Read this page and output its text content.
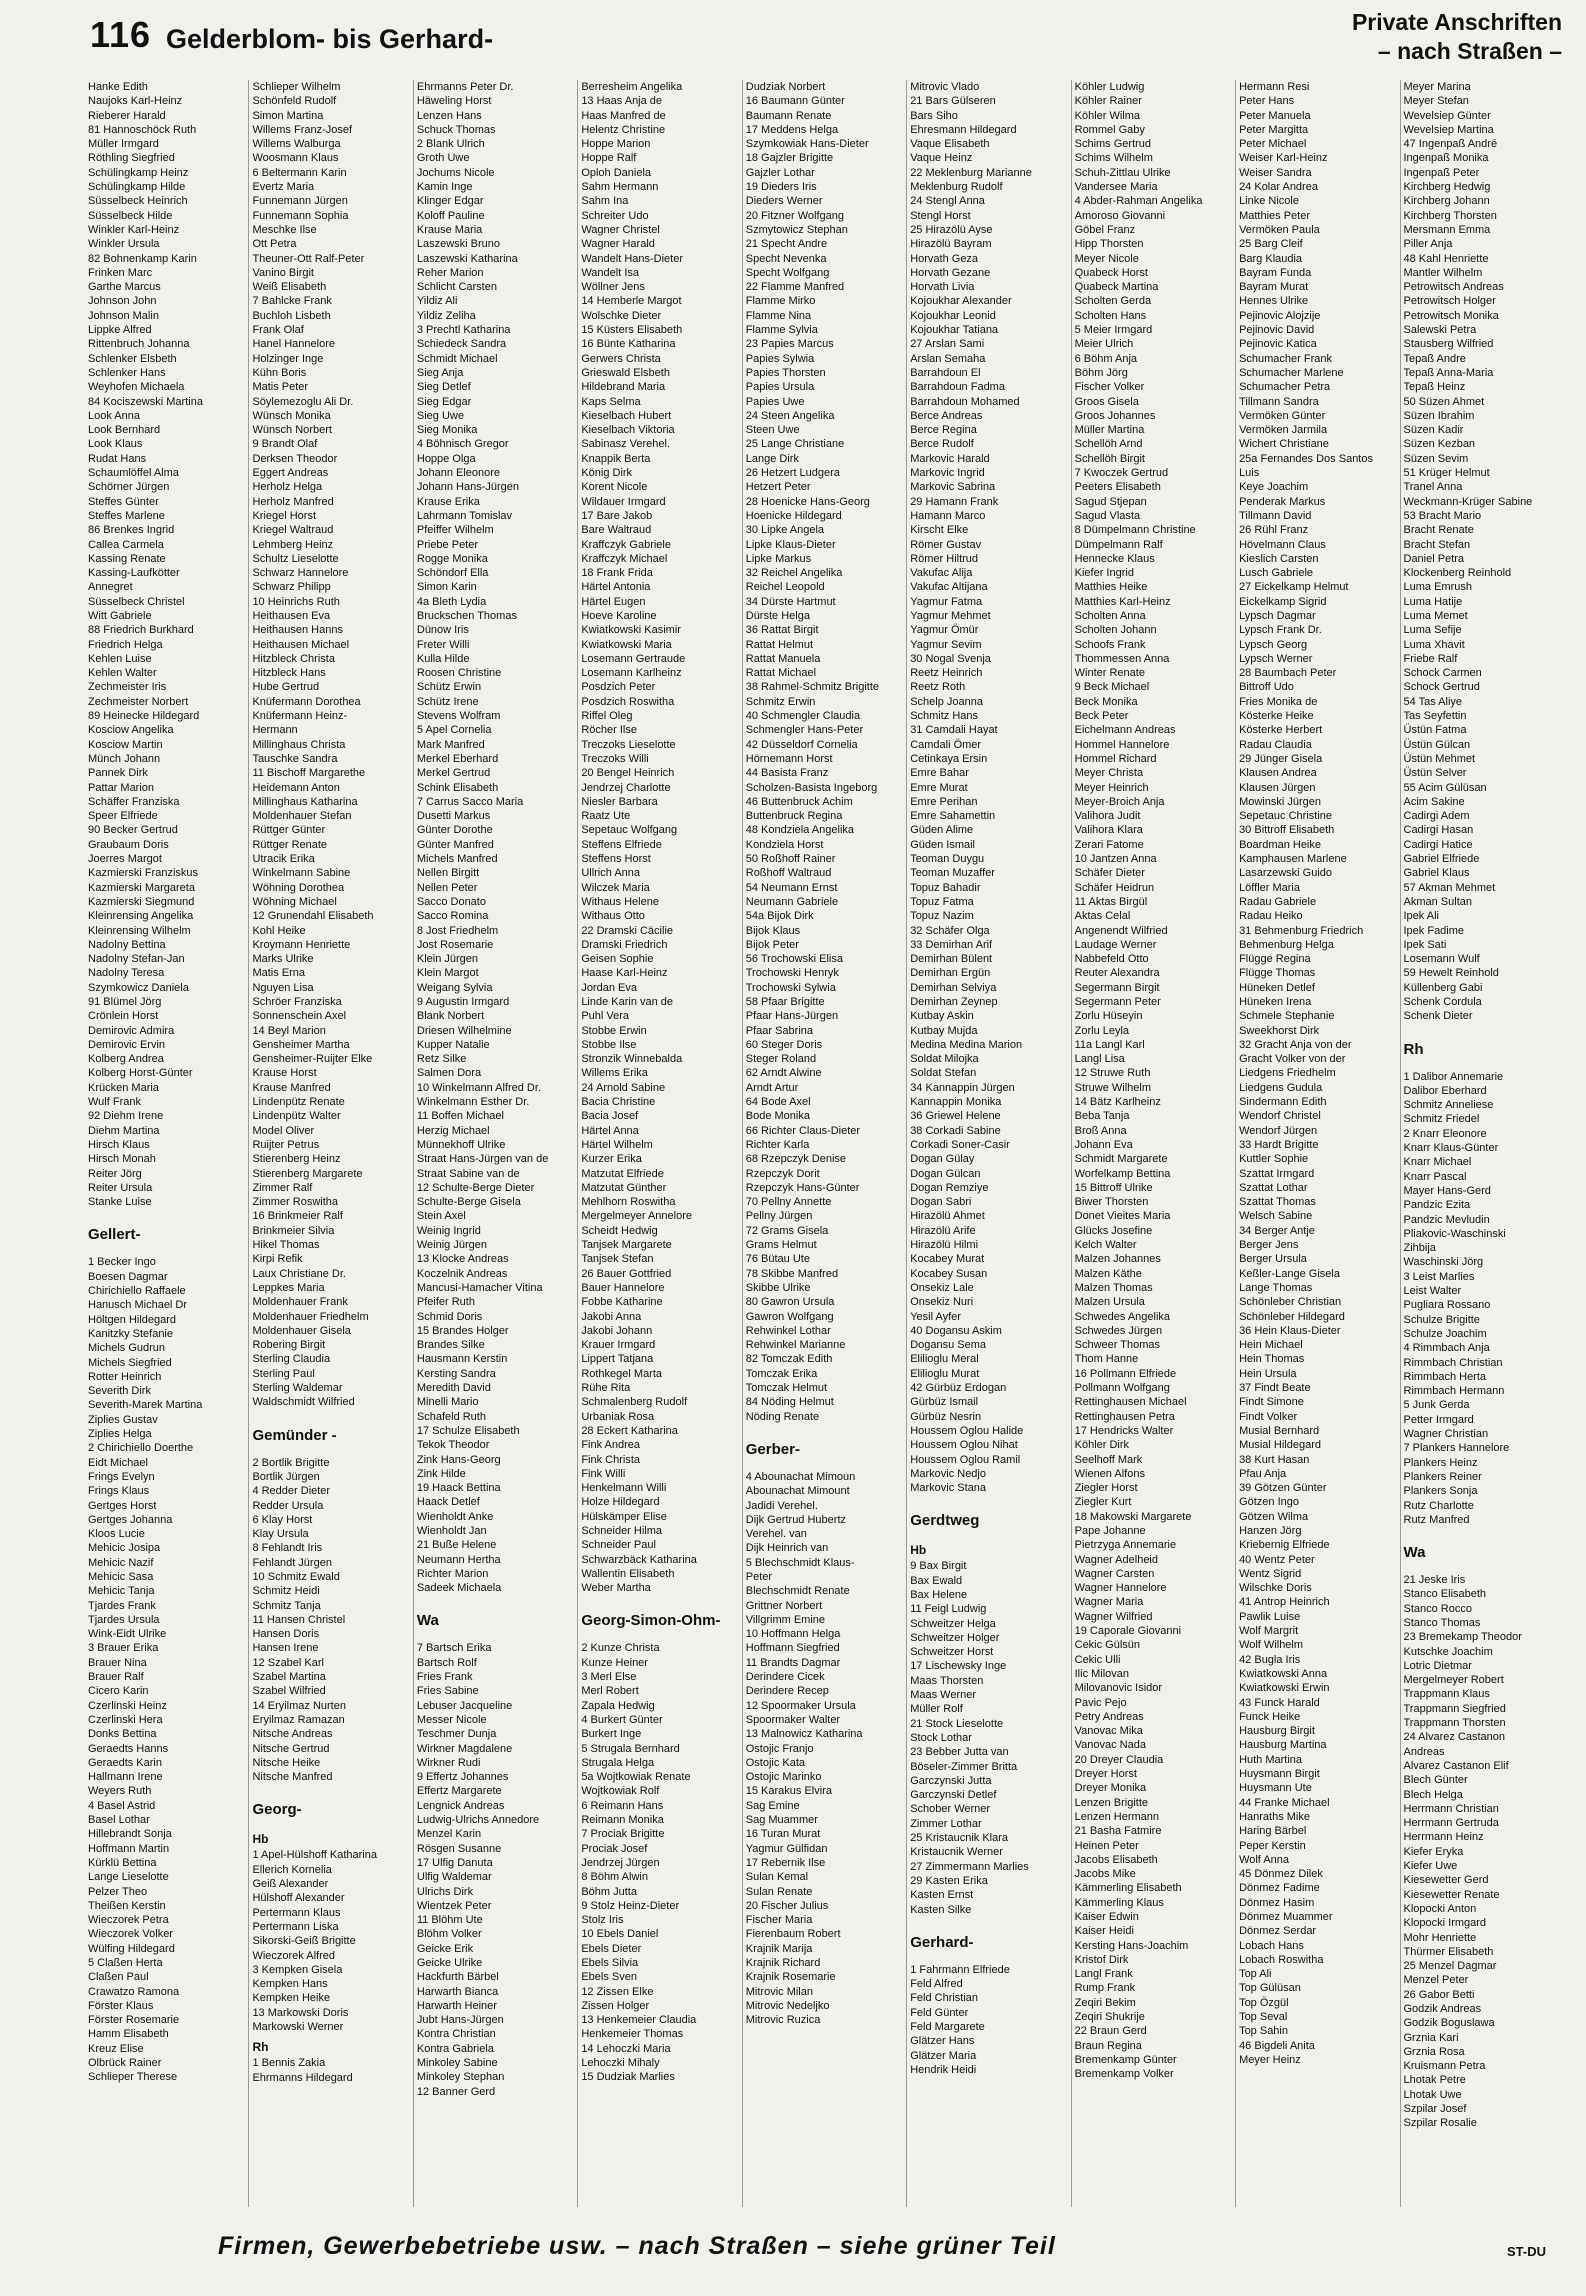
116 Gelderblom- bis Gerhard-
Private Anschriften
– nach Straßen –
Hanke Edith
Naujoks Karl-Heinz
Rieberer Harald
81 Hannoschöck Ruth
Müller Irmgard
Röthling Siegfried
Schülingkamp Heinz
Schülingkamp Hilde
Süsselbeck Heinrich
Süsselbeck Hilde
Winkler Karl-Heinz
Winkler Ursula
82 Bohnenkamp Karin
Frinken Marc
Garthe Marcus
Johnson John
Johnson Malin
Lippke Alfred
Rittenbruch Johanna
Schlenker Elsbeth
Schlenker Hans
Weyhofen Michaela
84 Kociszewski Martina
Look Anna
Look Bernhard
Look Klaus
Rudat Hans
Schaumlöffel Alma
Schörner Jürgen
Steffes Günter
Steffes Marlene
86 Brenkes Ingrid
Callea Carmela
Kassing Renate
Kassing-Laufkötter
Annegret
Süsselbeck Christel
Witt Gabriele
88 Friedrich Burkhard
Friedrich Helga
Kehlen Luise
Kehlen Walter
Zechmeister Iris
Zechmeister Norbert
89 Heinecke Hildegard
Kosciow Angelika
Kosciow Martin
Münch Johann
Pannek Dirk
Pattar Marion
Schäffer Franziska
Speer Elfriede
90 Becker Gertrud
Graubaum Doris
Joerres Margot
Kazmierski Franziskus
Kazmierski Margareta
Kazmierski Siegmund
Kleinrensing Angelika
Kleinrensing Wilhelm
Nadolny Bettina
Nadolny Stefan-Jan
Nadolny Teresa
Szymkowicz Daniela
91 Blümel Jörg
Crönlein Horst
Demirovic Admira
Demirovic Ervin
Kolberg Andrea
Kolberg Horst-Günter
Krücken Maria
Wulf Frank
92 Diehm Irene
Diehm Martina
Hirsch Klaus
Hirsch Monah
Reiter Jörg
Reiter Ursula
Stanke Luise
Gellert-
1 Becker Ingo
Boesen Dagmar
Chirichiello Raffaele
Hanusch Michael Dr
Höltgen Hildegard
Kanitzky Stefanie
Michels Gudrun
Michels Siegfried
Rotter Heinrich
Severith Dirk
Severith-Marek Martina
Ziplies Gustav
Ziplies Helga
2 Chirichiello Doerthe
Eidt Michael
Frings Evelyn
Frings Klaus
Gertges Horst
Gertges Johanna
Kloos Lucie
Mehicic Josipa
Mehicic Nazif
Mehicic Sasa
Mehicic Tanja
Tjardes Frank
Tjardes Ursula
Wink-Eidt Ulrike
3 Brauer Erika
Brauer Nina
Brauer Ralf
Cicero Karin
Czerlinski Heinz
Czerlinski Hera
Donks Bettina
Geraedts Hanns
Geraedts Karin
Hallmann Irene
Weyers Ruth
4 Basel Astrid
Basel Lothar
Hillebrandt Sonja
Hoffmann Martin
Kürklü Bettina
Lange Lieselotte
Pelzer Theo
Theißen Kerstin
Wieczorek Petra
Wieczorek Volker
Wülfing Hildegard
5 Claßen Herta
Claßen Paul
Crawatzo Ramona
Förster Klaus
Förster Rosemarie
Hamm Elisabeth
Kreuz Elise
Olbrück Rainer
Schlieper Therese
Schlieper Wilhelm
Schönfeld Rudolf
Simon Martina
Willems Franz-Josef
Willems Walburga
Woosmann Klaus
6 Beltermann Karin
Evertz Maria
Funnemann Jürgen
Funnemann Sophia
Meschke Ilse
Ott Petra
Theuner-Ott Ralf-Peter
Vanino Birgit
Weiß Elisabeth
7 Bahlcke Frank
Buchloh Lisbeth
Frank Olaf
Hanel Hannelore
Holzinger Inge
Kühn Boris
Matis Peter
Söylemezoglu Ali Dr.
Wünsch Monika
Wünsch Norbert
9 Brandt Olaf
Derksen Theodor
Eggert Andreas
Herholz Helga
Herholz Manfred
Kriegel Horst
Kriegel Waltraud
Lehmberg Heinz
Schultz Lieselotte
Schwarz Hannelore
Schwarz Philipp
10 Heinrichs Ruth
Heithausen Eva
Heithausen Hanns
Heithausen Michael
Hitzbleck Christa
Hitzbleck Hans
Hube Gertrud
Knüfermann Dorothea
Knüfermann Heinz-
Hermann
Millinghaus Christa
Tauschke Sandra
11 Bischoff Margarethe
Heidemann Anton
Millinghaus Katharina
Moldenhauer Stefan
Rüttger Günter
Rüttger Renate
Utracik Erika
Winkelmann Sabine
Wöhning Dorothea
Wöhning Michael
12 Grunendahl Elisabeth
Kohl Heike
Kroymann Henriette
Marks Ulrike
Matis Erna
Nguyen Lisa
Schröer Franziska
Sonnenschein Axel
14 Beyl Marion
Gensheimer Martha
Gensheimer-Ruijter Elke
Krause Horst
Krause Manfred
Lindenpütz Renate
Lindenpütz Walter
Model Oliver
Ruijter Petrus
Stierenberg Heinz
Stierenberg Margarete
Zimmer Ralf
Zimmer Roswitha
16 Brinkmeier Ralf
Brinkmeier Silvia
Hikel Thomas
Kirpi Refik
Laux Christiane Dr.
Leppkes Maria
Moldenhauer Frank
Moldenhauer Friedhelm
Moldenhauer Gisela
Robering Birgit
Sterling Claudia
Sterling Paul
Sterling Waldemar
Waldschmidt Wilfried
Gemünder -
2 Bortlik Brigitte
Bortlik Jürgen
4 Redder Dieter
Redder Ursula
6 Klay Horst
Klay Ursula
8 Fehlandt Iris
Fehlandt Jürgen
10 Schmitz Ewald
Schmitz Heidi
Schmitz Tanja
11 Hansen Christel
Hansen Doris
Hansen Irene
12 Szabel Karl
Szabel Martina
Szabel Wilfried
14 Eryilmaz Nurten
Eryilmaz Ramazan
Nitsche Andreas
Nitsche Gertrud
Nitsche Heike
Nitsche Manfred
Georg-
Hb
1 Apel-Hülshoff Katharina
Ellerich Kornelia
Geiß Alexander
Hülshoff Alexander
Pertermann Klaus
Pertermann Liska
Sikorski-Geiß Brigitte
Wieczorek Alfred
3 Kempken Gisela
Kempken Hans
Kempken Heike
13 Markowski Doris
Markowski Werner
Rh
1 Bennis Zakia
Ehrmanns Hildegard
Ehrmanns Peter Dr.
Häweling Horst
Lenzen Hans
Schuck Thomas
2 Blank Ulrich
Groth Uwe
Jochums Nicole
Kamin Inge
Klinger Edgar
Koloff Pauline
Krause Maria
Laszewski Bruno
Laszewski Katharina
Reher Marion
Schlicht Carsten
Yildiz Ali
Yildiz Zeliha
3 Prechtl Katharina
Schiedeck Sandra
Schmidt Michael
Sieg Anja
Sieg Detlef
Sieg Edgar
Sieg Uwe
Sieg Monika
4 Böhnisch Gregor
Hoppe Olga
Johann Eleonore
Johann Hans-Jürgen
Krause Erika
Lahrmann Tomislav
Pfeiffer Wilhelm
Priebe Peter
Rogge Monika
Schöndorf Ella
Simon Karin
4a Bleth Lydia
Bruckschen Thomas
Dünow Iris
Freter Willi
Kulla Hilde
Roosen Christine
Schütz Erwin
Schütz Irene
Stevens Wolfram
5 Apel Cornelia
Mark Manfred
Merkel Eberhard
Merkel Gertrud
Schink Elisabeth
7 Carrus Sacco Maria
Dusetti Markus
Günter Dorothe
Günter Manfred
Michels Manfred
Nellen Birgitt
Nellen Peter
Sacco Donato
Sacco Romina
8 Jost Friedhelm
Jost Rosemarie
Klein Jürgen
Klein Margot
Weigang Sylvia
9 Augustin Irmgard
Blank Norbert
Driesen Wilhelmine
Kupper Natalie
Retz Silke
Salmen Dora
10 Winkelmann Alfred Dr.
Winkelmann Esther Dr.
11 Boffen Michael
Herzig Michael
Münnekhoff Ulrike
Straat Hans-Jürgen van de
Straat Sabine van de
12 Schulte-Berge Dieter
Schulte-Berge Gisela
Stein Axel
Weinig Ingrid
Weinig Jürgen
13 Klocke Andreas
Koczelnik Andreas
Mancusi-Hamacher Vitina
Pfeifer Ruth
Schmid Doris
15 Brandes Holger
Brandes Silke
Hausmann Kerstin
Kersting Sandra
Meredith David
Minelli Mario
Schafeld Ruth
17 Schulze Elisabeth
Tekok Theodor
Zink Hans-Georg
Zink Hilde
19 Haack Bettina
Haack Detlef
Wienholdt Anke
Wienholdt Jan
21 Buße Helene
Neumann Hertha
Richter Marion
Sadeek Michaela
Wa
7 Bartsch Erika
Bartsch Rolf
Fries Frank
Fries Sabine
Lebuser Jacqueline
Messer Nicole
Teschmer Dunja
Wirkner Magdalene
Wirkner Rudi
9 Effertz Johannes
Effertz Margarete
Lengnick Andreas
Ludwig-Ulrichs Annedore
Menzel Karin
Rösgen Susanne
17 Ulfig Danuta
Ulfig Waldemar
Ulrichs Dirk
Wientzek Peter
11 Blöhm Ute
Blöhm Volker
Geicke Erik
Geicke Ulrike
Hackfurth Bärbel
Harwarth Bianca
Harwarth Heiner
Jubt Hans-Jürgen
Kontra Christian
Kontra Gabriela
Minkoley Sabine
Minkoley Stephan
12 Banner Gerd
Berresheim Angelika
13 Haas Anja de
Haas Manfred de
Helentz Christine
Hoppe Marion
Hoppe Ralf
Oploh Daniela
Sahm Hermann
Sahm Ina
Schreiter Udo
Wagner Christel
Wagner Harald
Wandelt Hans-Dieter
Wandelt Isa
Wöllner Jens
14 Hemberle Margot
Wolschke Dieter
15 Küsters Elisabeth
16 Bünte Katharina
Gerwers Christa
Grieswald Elsbeth
Hildebrand Maria
Kaps Selma
Kieselbach Hubert
Kieselbach Viktoria
Sabinasz Verehel.
Knappik Berta
König Dirk
Korent Nicole
Wildauer Irmgard
17 Bare Jakob
Bare Waltraud
Kraffczyk Gabriele
Kraffczyk Michael
18 Frank Frida
Härtel Antonia
Härtel Eugen
Hoeve Karoline
Kwiatkowski Kasimir
Kwiatkowski Maria
Losemann Gertraude
Losemann Karlheinz
Posdzich Peter
Posdzich Roswitha
Riffel Oleg
Röcher Ilse
Treczoks Lieselotte
Treczoks Willi
20 Bengel Heinrich
Jendrzej Charlotte
Niesler Barbara
Raatz Ute
Sepetauc Wolfgang
Steffens Elfriede
Steffens Horst
Ullrich Anna
Wilczek Maria
Withaus Helene
Withaus Otto
22 Dramski Cäcilie
Dramski Friedrich
Geisen Sophie
Haase Karl-Heinz
Jordan Eva
Linde Karin van de
Puhl Vera
Stobbe Erwin
Stobbe Ilse
Stronzik Winnebalda
Willems Erika
24 Arnold Sabine
Bacia Christine
Bacia Josef
Härtel Anna
Härtel Wilhelm
Kurzer Erika
Matzutat Elfriede
Matzutat Günther
Mehlhorn Roswitha
Mergelmeyer Annelore
Scheidt Hedwig
Tanjsek Margarete
Tanjsek Stefan
26 Bauer Gottfried
Bauer Hannelore
Fobbe Katharine
Jakobi Anna
Jakobi Johann
Krauer Irmgard
Lippert Tatjana
Rothkegel Marta
Rühe Rita
Schmalenberg Rudolf
Urbaniak Rosa
28 Eckert Katharina
Fink Andrea
Fink Christa
Fink Willi
Henkelmann Willi
Holze Hildegard
Hülskämper Elise
Schneider Hilma
Schneider Paul
Schwarzbäck Katharina
Wallentin Elisabeth
Weber Martha
Georg-Simon-Ohm-
2 Kunze Christa
Kunze Heiner
3 Merl Else
Merl Robert
Zapala Hedwig
4 Burkert Günter
Burkert Inge
5 Strugala Bernhard
Strugala Helga
5a Wojtkowiak Renate
Wojtkowiak Rolf
6 Reimann Hans
Reimann Monika
7 Prociak Brigitte
Prociak Josef
Jendrzej Jürgen
8 Böhm Alwin
Böhm Jutta
9 Stolz Heinz-Dieter
Stolz Iris
10 Ebels Daniel
Ebels Dieter
Ebels Silvia
Ebels Sven
12 Zissen Elke
Zissen Holger
13 Henkemeier Claudia
Henkemeier Thomas
14 Lehoczki Maria
Lehoczki Mihaly
15 Dudziak Marlies
Dudziak Norbert
16 Baumann Günter
Baumann Renate
17 Meddens Helga
Szymkowiak Hans-Dieter
18 Gajzler Brigitte
Gajzler Lothar
19 Dieders Iris
Dieders Werner
20 Fitzner Wolfgang
Szmytowicz Stephan
21 Specht Andre
Specht Nevenka
Specht Wolfgang
22 Flamme Manfred
Flamme Mirko
Flamme Nina
Flamme Sylvia
23 Papies Marcus
Papies Sylwia
Papies Thorsten
Papies Ursula
Papies Uwe
24 Steen Angelika
Steen Uwe
25 Lange Christiane
Lange Dirk
26 Hetzert Ludgera
Hetzert Peter
28 Hoenicke Hans-Georg
Hoenicke Hildegard
30 Lipke Angela
Lipke Klaus-Dieter
Lipke Markus
32 Reichel Angelika
Reichel Leopold
34 Dürste Hartmut
Dürste Helga
36 Rattat Birgit
Rattat Helmut
Rattat Manuela
Rattat Michael
38 Rahmel-Schmitz Brigitte
Schmitz Erwin
40 Schmengler Claudia
Schmengler Hans-Peter
42 Düsseldorf Cornelia
Hörnemann Horst
44 Basista Franz
Scholzen-Basista Ingeborg
46 Buttenbruck Achim
Buttenbruck Regina
48 Kondziela Angelika
Kondziela Horst
50 Roßhoff Rainer
Roßhoff Waltraud
54 Neumann Ernst
Neumann Gabriele
54a Bijok Dirk
Bijok Klaus
Bijok Peter
56 Trochowski Elisa
Trochowski Henryk
Trochowski Sylwia
58 Pfaar Brigitte
Pfaar Hans-Jürgen
Pfaar Sabrina
60 Steger Doris
Steger Roland
62 Arndt Alwine
Arndt Artur
64 Bode Axel
Bode Monika
66 Richter Claus-Dieter
Richter Karla
68 Rzepczyk Denise
Rzepczyk Dorit
Rzepczyk Hans-Günter
70 Pellny Annette
Pellny Jürgen
72 Grams Gisela
Grams Helmut
76 Bütau Ute
78 Skibbe Manfred
Skibbe Ulrike
80 Gawron Ursula
Gawron Wolfgang
Rehwinkel Lothar
Rehwinkel Marianne
82 Tomczak Edith
Tomczak Erika
Tomczak Helmut
84 Nöding Helmut
Nöding Renate
Gerber-
4 Abounachat Mimoun
Abounachat Mimount
Jadidi Verehel.
Dijk Gertrud Hubertz
Verehel. van
Dijk Heinrich van
5 Blechschmidt Klaus-
Peter
Blechschmidt Renate
Grittner Norbert
Villgrimm Emine
10 Hoffmann Helga
Hoffmann Siegfried
11 Brandts Dagmar
Derindere Cicek
Derindere Recep
12 Spoormaker Ursula
Spoormaker Walter
13 Malnowicz Katharina
Ostojic Franjo
Ostojic Kata
Ostojic Marinko
15 Karakus Elvira
Sag Emine
Sag Muammer
16 Turan Murat
Yagmur Gülfidan
17 Rebernik Ilse
Sulan Kemal
Sulan Renate
20 Fischer Julius
Fischer Maria
Fierenbaum Robert
Krajnik Marija
Krajnik Richard
Krajnik Rosemarie
Mitrovic Milan
Mitrovic Nedeljko
Mitrovic Ruzica
Mitrovic Vlado
21 Bars Gülseren
Bars Siho
Ehresmann Hildegard
Vaque Elisabeth
Vaque Heinz
22 Meklenburg Marianne
Meklenburg Rudolf
24 Stengl Anna
Stengl Horst
25 Hirazölü Ayse
Hirazölü Bayram
Horvath Geza
Horvath Gezane
Horvath Livia
Kojoukhar Alexander
Kojoukhar Leonid
Kojoukhar Tatiana
27 Arslan Sami
Arslan Semaha
Barrahdoun El
Barrahdoun Fadma
Barrahdoun Mohamed
Berce Andreas
Berce Regina
Berce Rudolf
Markovic Harald
Markovic Ingrid
Markovic Sabrina
29 Hamann Frank
Hamann Marco
Kirscht Elke
Römer Gustav
Römer Hiltrud
Vakufac Alija
Vakufac Altijana
Yagmur Fatma
Yagmur Mehmet
Yagmur Ömür
Yagmur Sevim
30 Nogal Svenja
Reetz Heinrich
Reetz Roth
Schelp Joanna
Schmitz Hans
31 Camdali Hayat
Camdali Ömer
Cetinkaya Ersin
Emre Bahar
Emre Murat
Emre Perihan
Emre Sahamettin
Güden Alime
Güden Ismail
Teoman Duygu
Teoman Muzaffer
Topuz Bahadir
Topuz Fatma
Topuz Nazim
32 Schäfer Olga
33 Demirhan Arif
Demirhan Bülent
Demirhan Ergün
Demirhan Selviya
Demirhan Zeynep
Kutbay Askin
Kutbay Mujda
Medina Medina Marion
Soldat Milojka
Soldat Stefan
34 Kannappin Jürgen
Kannappin Monika
36 Griewel Helene
38 Corkadi Sabine
Corkadi Soner-Casir
Dogan Gülay
Dogan Gülcan
Dogan Remziye
Dogan Sabri
Hirazölü Ahmet
Hirazölü Arife
Hirazölü Hilmi
Kocabey Murat
Kocabey Susan
Onsekiz Lale
Onsekiz Nuri
Yesil Ayfer
40 Dogansu Askim
Dogansu Sema
Elilioglu Meral
Elilioglu Murat
42 Gürbüz Erdogan
Gürbüz Ismail
Gürbüz Nesrin
Houssem Oglou Halide
Houssem Oglou Nihat
Houssem Oglou Ramil
Markovic Nedjo
Markovic Stana
Gerdtweg
Hb
9 Bax Birgit
Bax Ewald
Bax Helene
11 Feigl Ludwig
Schweitzer Helga
Schweitzer Holger
Schweitzer Horst
17 Lischewsky Inge
Maas Thorsten
Maas Werner
Müller Rolf
21 Stock Lieselotte
Stock Lothar
23 Bebber Jutta van
Böseler-Zimmer Britta
Garczynski Jutta
Garczynski Detlef
Schober Werner
Zimmer Lothar
25 Kristaucnik Klara
Kristaucnik Werner
27 Zimmermann Marlies
29 Kasten Erika
Kasten Ernst
Kasten Silke
Gerhard-
1 Fahrmann Elfriede
Feld Alfred
Feld Christian
Feld Günter
Feld Margarete
Glätzer Hans
Glätzer Maria
Hendrik Heidi
Köhler Ludwig
Köhler Rainer
Köhler Wilma
Rommel Gaby
Schims Gertrud
Schims Wilhelm
Schuh-Zittlau Ulrike
Vandersee Maria
4 Abder-Rahman Angelika
Amoroso Giovanni
Göbel Franz
Hipp Thorsten
Meyer Nicole
Quabeck Horst
Quabeck Martina
Scholten Gerda
Scholten Hans
5 Meier Irmgard
Meier Ulrich
6 Böhm Anja
Böhm Jörg
Fischer Volker
Groos Gisela
Groos Johannes
Müller Martina
Schellöh Arnd
Schellöh Birgit
7 Kwoczek Gertrud
Peeters Elisabeth
Sagud Stjepan
Sagud Vlasta
8 Dümpelmann Christine
Dümpelmann Ralf
Hennecke Klaus
Kiefer Ingrid
Matthies Heike
Matthies Karl-Heinz
Scholten Anna
Scholten Johann
Schoofs Frank
Thommessen Anna
Winter Renate
9 Beck Michael
Beck Monika
Beck Peter
Eichelmann Andreas
Hommel Hannelore
Hommel Richard
Meyer Christa
Meyer Heinrich
Meyer-Broich Anja
Valihora Judit
Valihora Klara
Zerari Fatome
10 Jantzen Anna
Schäfer Dieter
Schäfer Heidrun
11 Aktas Birgül
Aktas Celal
Angenendt Wilfried
Laudage Werner
Nabbefeld Otto
Reuter Alexandra
Segermann Birgit
Segermann Peter
Zorlu Hüseyin
Zorlu Leyla
11a Langl Karl
Langl Lisa
12 Struwe Ruth
Struwe Wilhelm
14 Bätz Karlheinz
Beba Tanja
Broß Anna
Johann Eva
Schmidt Margarete
Worfelkamp Bettina
15 Bittroff Ulrike
Biwer Thorsten
Donet Vieites Maria
Glücks Josefine
Kelch Walter
Malzen Johannes
Malzen Käthe
Malzen Thomas
Malzen Ursula
Schwedes Angelika
Schwedes Jürgen
Schweer Thomas
Thom Hanne
16 Pollmann Elfriede
Pollmann Wolfgang
Rettinghausen Michael
Rettinghausen Petra
17 Hendricks Walter
Köhler Dirk
Seelhoff Mark
Wienen Alfons
Ziegler Horst
Ziegler Kurt
18 Makowski Margarete
Pape Johanne
Pietrzyga Annemarie
Wagner Adelheid
Wagner Carsten
Wagner Hannelore
Wagner Maria
Wagner Wilfried
19 Caporale Giovanni
Cekic Gülsün
Cekic Ulli
Ilic Milovan
Milovanovic Isidor
Pavic Pejo
Petry Andreas
Vanovac Mika
Vanovac Nada
20 Dreyer Claudia
Dreyer Horst
Dreyer Monika
Lenzen Brigitte
Lenzen Hermann
21 Basha Fatmire
Heinen Peter
Jacobs Elisabeth
Jacobs Mike
Kämmerling Elisabeth
Kämmerling Klaus
Kaiser Edwin
Kaiser Heidi
Kersting Hans-Joachim
Kristof Dirk
Langl Frank
Rump Frank
Zeqiri Bekim
Zeqiri Shukrije
22 Braun Gerd
Braun Regina
Bremenkamp Günter
Bremenkamp Volker
Hermann Resi
Peter Hans
Peter Manuela
Peter Margitta
Peter Michael
Weiser Karl-Heinz
Weiser Sandra
24 Kolar Andrea
Linke Nicole
Matthies Peter
Vermöken Paula
25 Barg Cleif
Barg Klaudia
Bayram Funda
Bayram Murat
Hennes Ulrike
Pejinovic Alojzije
Pejinovic David
Pejinovic Katica
Schumacher Frank
Schumacher Marlene
Schumacher Petra
Tillmann Sandra
Vermöken Günter
Vermöken Jarmila
Wichert Christiane
25a Fernandes Dos Santos
Luis
Keye Joachim
Penderak Markus
Tillmann David
26 Rühl Franz
Hövelmann Claus
Kieslich Carsten
Lusch Gabriele
27 Eickelkamp Helmut
Eickelkamp Sigrid
Lypsch Dagmar
Lypsch Frank Dr.
Lypsch Georg
Lypsch Werner
28 Baumbach Peter
Bittroff Udo
Fries Monika de
Kösterke Heike
Kösterke Herbert
Radau Claudia
29 Jünger Gisela
Klausen Andrea
Klausen Jürgen
Mowinski Jürgen
Sepetauc Christine
30 Bittroff Elisabeth
Boardman Heike
Kamphausen Marlene
Lasarzewski Guido
Löffler Maria
Radau Gabriele
Radau Heiko
31 Behmenburg Friedrich
Behmenburg Helga
Flügge Regina
Flügge Thomas
Hüneken Detlef
Hüneken Irena
Schmele Stephanie
Sweekhorst Dirk
32 Gracht Anja von der
Gracht Volker von der
Liedgens Friedhelm
Liedgens Gudula
Sindermann Edith
Wendorf Christel
Wendorf Jürgen
33 Hardt Brigitte
Kuttler Sophie
Szattat Irmgard
Szattat Lothar
Szattat Thomas
Welsch Sabine
34 Berger Antje
Berger Jens
Berger Ursula
Keßler-Lange Gisela
Lange Thomas
Schönleber Christian
Schönleber Hildegard
36 Hein Klaus-Dieter
Hein Michael
Hein Thomas
Hein Ursula
37 Findt Beate
Findt Simone
Findt Volker
Musial Bernhard
Musial Hildegard
38 Kurt Hasan
Pfau Anja
39 Götzen Günter
Götzen Ingo
Götzen Wilma
Hanzen Jörg
Kriebernig Elfriede
40 Wentz Peter
Wentz Sigrid
Wilschke Doris
41 Antrop Heinrich
Pawlik Luise
Wolf Margrit
Wolf Wilhelm
42 Bugla Iris
Kwiatkowski Anna
Kwiatkowski Erwin
43 Funck Harald
Funck Heike
Hausburg Birgit
Hausburg Martina
Huth Martina
Huysmann Birgit
Huysmann Ute
44 Franke Michael
Hanraths Mike
Haring Bärbel
Peper Kerstin
Wolf Anna
45 Dönmez Dilek
Dönmez Fadime
Dönmez Hasim
Dönmez Muammer
Dönmez Serdar
Lobach Hans
Lobach Roswitha
Top Ali
Top Gülüsan
Top Özgül
Top Seval
Top Sahin
46 Bigdeli Anita
Meyer Heinz
Meyer Marina
Meyer Stefan
Wevelsiep Günter
Wevelsiep Martina
47 Ingenpaß André
Ingenpaß Monika
Ingenpaß Peter
Kirchberg Hedwig
Kirchberg Johann
Kirchberg Thorsten
Mersmann Emma
Piller Anja
48 Kahl Henriette
Mantler Wilhelm
Petrowitsch Andreas
Petrowitsch Holger
Petrowitsch Monika
Salewski Petra
Stausberg Wilfried
Tepaß Andre
Tepaß Anna-Maria
Tepaß Heinz
50 Süzen Ahmet
Süzen Ibrahim
Süzen Kadir
Süzen Kezban
Süzen Sevim
51 Krüger Helmut
Tranel Anna
Weckmann-Krüger Sabine
53 Bracht Mario
Bracht Renate
Bracht Stefan
Daniel Petra
Klockenberg Reinhold
Luma Emrush
Luma Hatije
Luma Memet
Luma Sefije
Luma Xhavit
Friebe Ralf
Schock Carmen
Schock Gertrud
54 Tas Aliye
Tas Seyfettin
Üstün Fatma
Üstün Gülcan
Üstün Mehmet
Üstün Selver
55 Acim Gülüsan
Acim Sakine
Cadirgi Adem
Cadirgi Hasan
Cadirgi Hatice
Gabriel Elfriede
Gabriel Klaus
57 Akman Mehmet
Akman Sultan
Ipek Ali
Ipek Fadime
Ipek Sati
Losemann Wulf
59 Hewelt Reinhold
Küllenberg Gabi
Schenk Cordula
Schenk Dieter
Rh
1 Dalibor Annemarie
Dalibor Eberhard
Schmitz Anneliese
Schmitz Friedel
2 Knarr Eleonore
Knarr Klaus-Günter
Knarr Michael
Knarr Pascal
Mayer Hans-Gerd
Pandzic Ezita
Pandzic Mevludin
Pliakovic-Waschinski
Zihbija
Waschinski Jörg
3 Leist Marlies
Leist Walter
Pugliara Rossano
Schulze Brigitte
Schulze Joachim
4 Rimmbach Anja
Rimmbach Christian
Rimmbach Herta
Rimmbach Hermann
5 Junk Gerda
Petter Irmgard
Wagner Christian
7 Plankers Hannelore
Plankers Heinz
Plankers Reiner
Plankers Sonja
Rutz Charlotte
Rutz Manfred
Wa
21 Jeske Iris
Stanco Elisabeth
Stanco Rocco
Stanco Thomas
23 Bremekamp Theodor
Kutschke Joachim
Lotric Dietmar
Mergelmeyer Robert
Trappmann Klaus
Trappmann Siegfried
Trappmann Thorsten
24 Alvarez Castanon
Andreas
Alvarez Castanon Elif
Blech Günter
Blech Helga
Herrmann Christian
Herrmann Gertruda
Herrmann Heinz
Kiefer Eryka
Kiefer Uwe
Kiesewetter Gerd
Kiesewetter Renate
Klopocki Anton
Klopocki Irmgard
Mohr Henriette
Thürmer Elisabeth
25 Menzel Dagmar
Menzel Peter
26 Gabor Betti
Godzik Andreas
Godzik Boguslawa
Grznia Kari
Grznia Rosa
Kruismann Petra
Lhotak Petre
Lhotak Uwe
Szpilar Josef
Szpilar Rosalie
Firmen, Gewerbebetriebe usw. – nach Straßen – siehe grüner Teil	ST-DU
